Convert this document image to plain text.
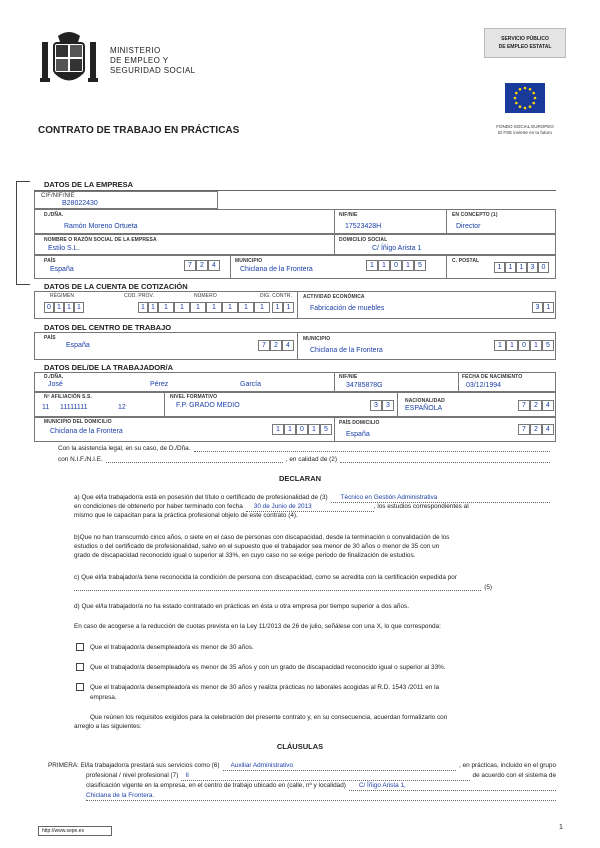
MINISTERIO
DE EMPLEO Y
SEGURIDAD SOCIAL
SERVICIO PÚBLICO
DE EMPLEO ESTATAL
FONDO SOCIAL EUROPEO
El FSE invierte en tu futuro
CONTRATO DE TRABAJO EN PRÁCTICAS
DATOS DE LA EMPRESA
CIF/NIF/NIE
B28022430
D./DÑA.
Ramón Moreno Ortueta
NIF/NIE
17523428H
EN CONCEPTO (1)
Director
NOMBRE O RAZÓN SOCIAL DE LA EMPRESA
Estilo S.L.
DOMICILIO SOCIAL
C/ Íñigo Arista 1
PAÍS
España
7	2	4
MUNICIPIO
Chiclana de la Frontera
1	1	0	1	5
C. POSTAL
1	1	1	3	0
DATOS DE LA CUENTA DE COTIZACIÓN
RÉGIMEN
0 1 1 1
COD. PROV.
1 1
NÚMERO
1	1	1	1	1	1	1
DIG. CONTR.
1	1
ACTIVIDAD ECONÓMICA
Fabricación de muebles	3	1
DATOS DEL CENTRO DE TRABAJO
PAÍS
España	7	2	4
MUNICIPIO
Chiclana de la Frontera
1	1	0	1	5
DATOS DEL/DE LA TRABAJADOR/A
D./DÑA.
José	Pérez	García
NIF/NIE
34785878G
FECHA DE NACIMIENTO
03/12/1994
Nº AFILIACIÓN S.S.
11 11111111	12
NIVEL FORMATIVO
F.P. GRADO MEDIO	3	3
NACIONALIDAD
ESPAÑOLA	7	2	4
MUNICIPIO DEL DOMICILIO
Chiclana de la Frontera	1	1	0	1	5
PAÍS DOMICILIO
España
7	2	4
Con la asistencia legal, en su caso, de D./Dña.
con N.I.F./N.I.E.	, en calidad de (2)
DECLARAN
a) Que el/la trabajador/a está en posesión del título o certificado de profesionalidad de (3)	Técnico en Gestión Administrativa
en condiciones de obtenerlo por haber terminado con fecha	30 de Junio de 2013	, los estudios correspondientes al
mismo que le capacitan para la práctica profesional objeto de este contrato (4).
b)Que no han transcurrido cinco años, o siete en el caso de personas con discapacidad, desde la terminación o convalidación de los
estudios o del certificado de profesionalidad, salvo en el supuesto que el trabajador sea menor de 30 años o menor de 35 con un
grado de discapacidad reconocido igual o superior al 33%, en cuyo caso no se exige periodo de finalización de estudios.
c) Que el/la trabajador/a tiene reconocida la condición de persona con discapacidad, como se acredita con la certificación expedida por
(5)
d) Que el/la trabajador/a no ha estado contratado en prácticas en ésta u otra empresa por tiempo superior a dos años.
En caso de acogerse a la reducción de cuotas prevista en la Ley 11/2013 de 26 de julio, señálese con una X, lo que corresponda:
Que el trabajador/a desempleado/a es menor de 30 años.
Que el trabajador/a desempleado/a es menor de 35 años y con un grado de discapacidad reconocido igual o superior al 33%.
Que el trabajador/a desempleado/a es menor de 30 años y realiza prácticas no laborales acogidas al R.D. 1543 /2011 en la
empresa.
Que reúnen los requisitos exigidos para la celebración del presente contrato y, en su consecuencia, acuerdan formalizarlo con
arreglo a las siguientes:
CLÁUSULAS
PRIMERA: El/la trabajador/a prestará sus servicios como (6)	Auxiliar Administrativo	, en prácticas, incluido en el grupo
profesional / nivel profesional (7)	II	de acuerdo con el sistema de
clasificación vigente en la empresa, en el centro de trabajo ubicado en (calle, nº y localidad)	C/ Íñigo Arista 1,
Chiclana de la Frontera.
http://www.sepe.es	1
